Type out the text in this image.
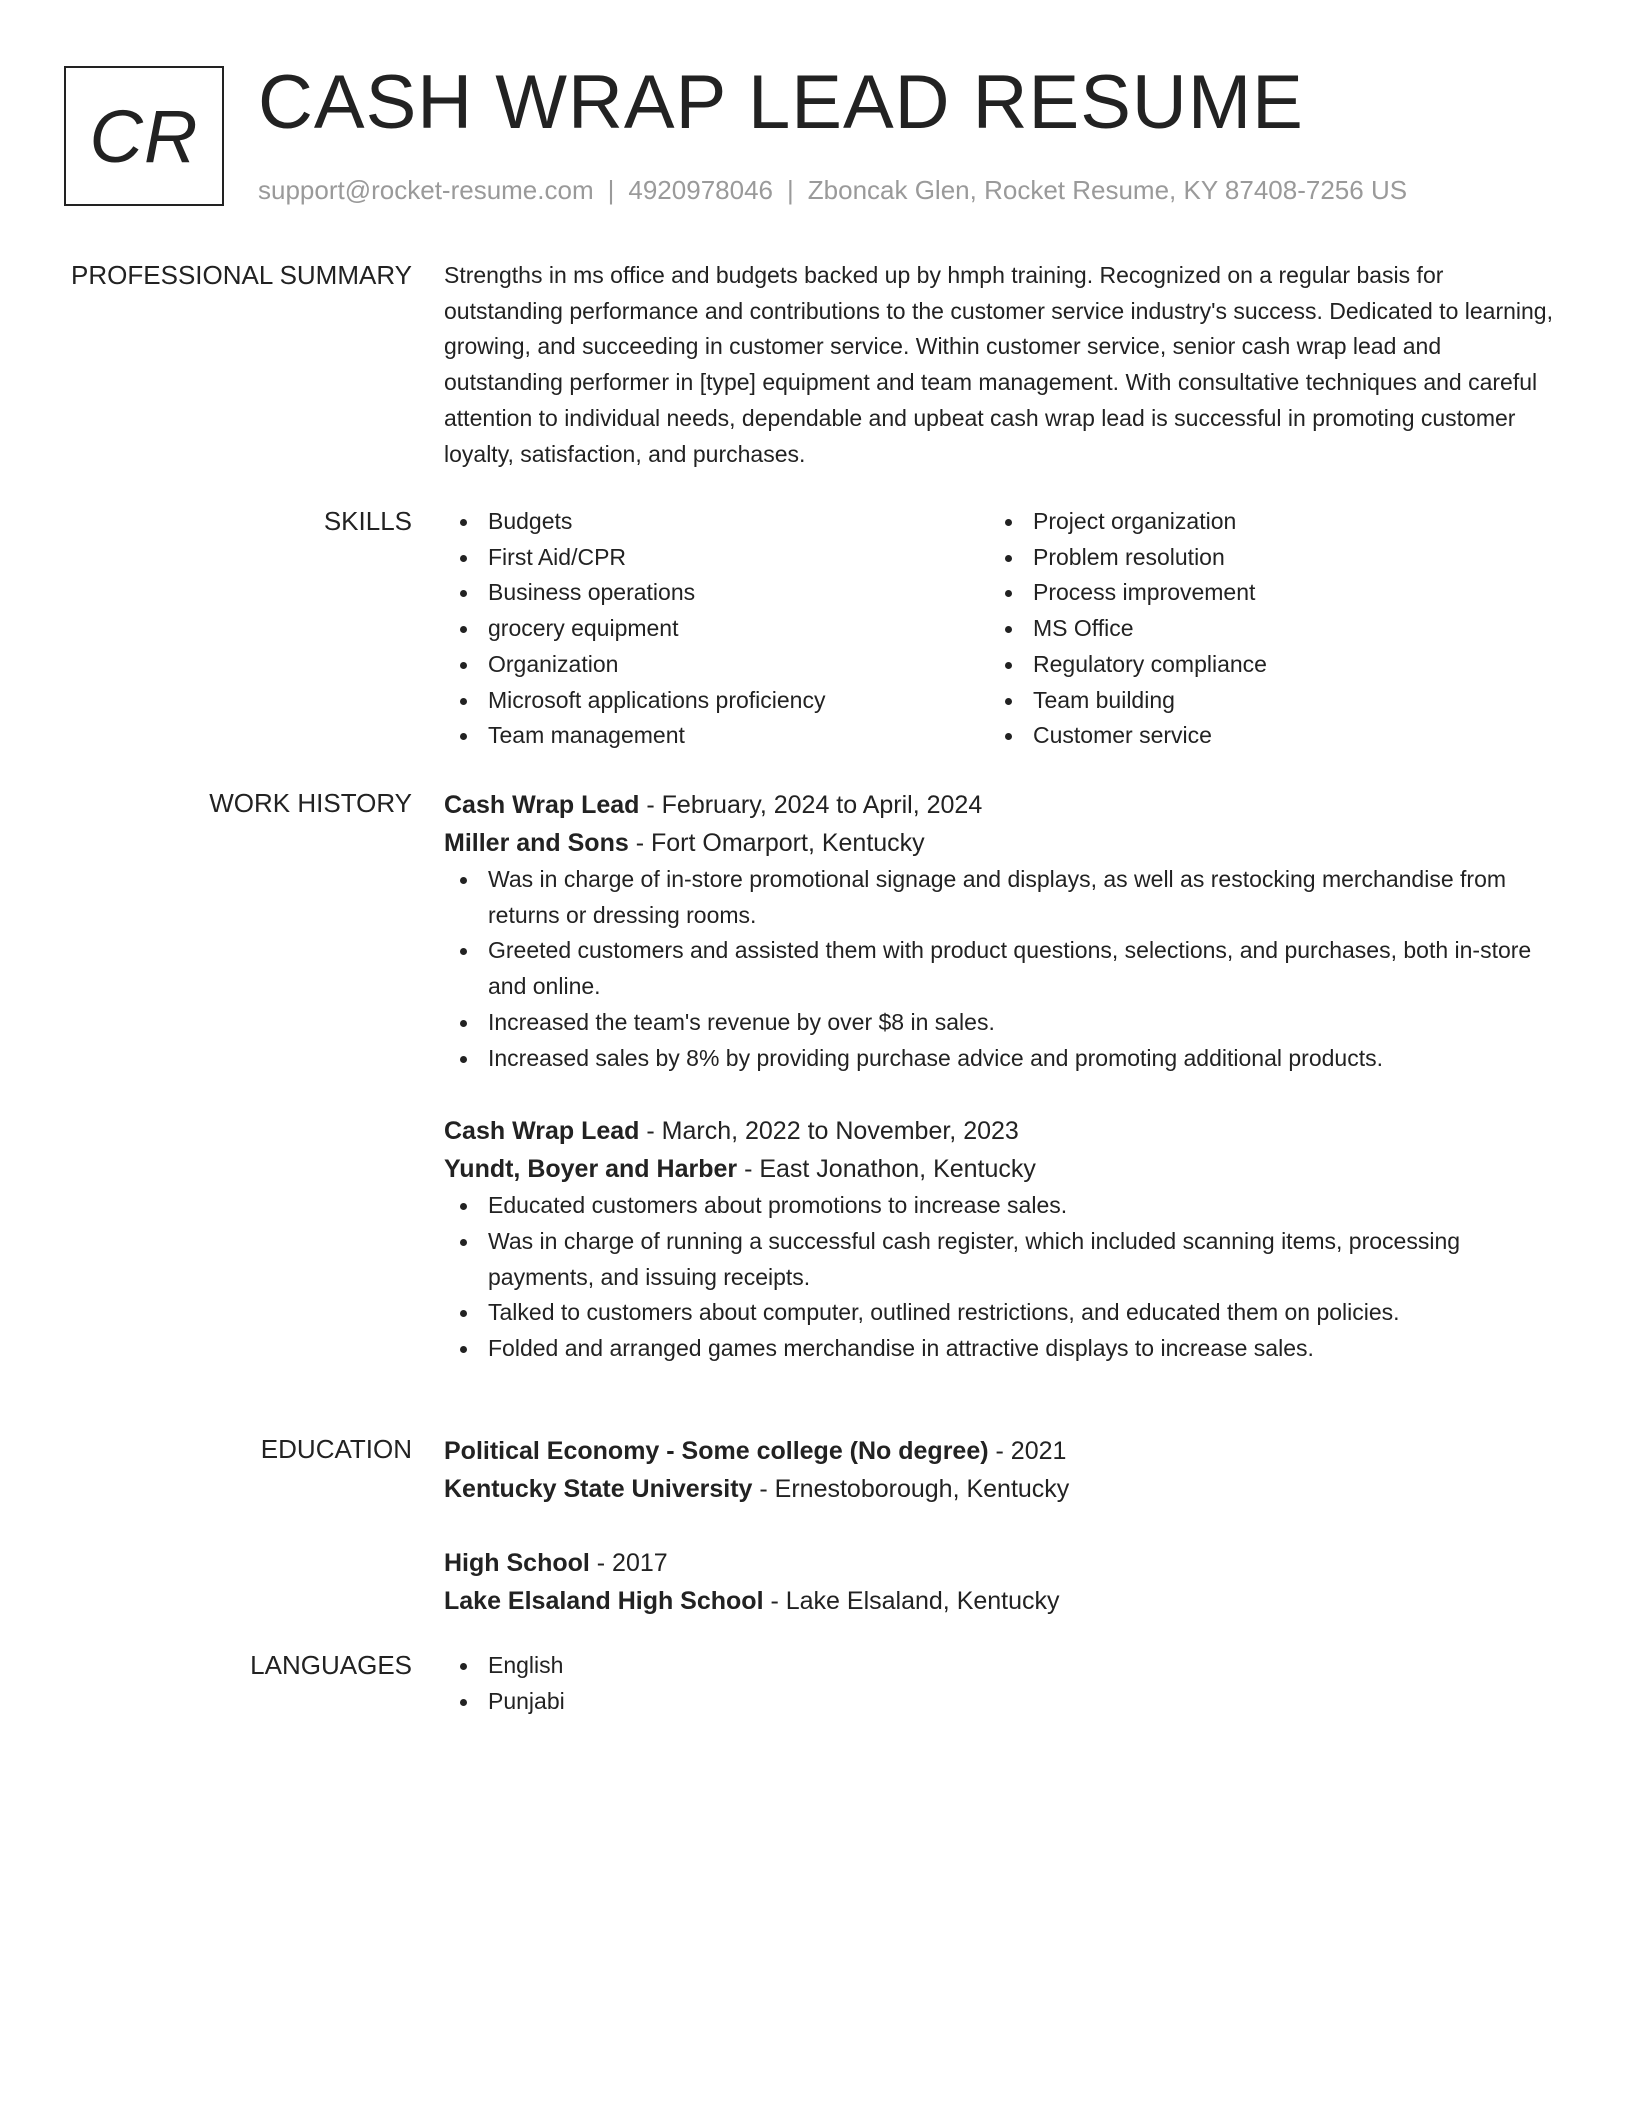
CR CASH WRAP LEAD RESUME
support@rocket-resume.com | 4920978046 | Zboncak Glen, Rocket Resume, KY 87408-7256 US
PROFESSIONAL SUMMARY Strengths in ms office and budgets backed up by hmph training. Recognized on a regular basis for outstanding performance and contributions to the customer service industry's success. Dedicated to learning, growing, and succeeding in customer service. Within customer service, senior cash wrap lead and outstanding performer in [type] equipment and team management. With consultative techniques and careful attention to individual needs, dependable and upbeat cash wrap lead is successful in promoting customer loyalty, satisfaction, and purchases.

SKILLS	Budgets
First Aid/CPR
Business operations
grocery equipment
Organization
Microsoft applications proficiency
Team management
Project organization
Problem resolution
Process improvement
MS Office
Regulatory compliance
Team building
Customer service
WORK HISTORY Cash Wrap Lead - February, 2024 to April, 2024
Miller and Sons - Fort Omarport, Kentucky
Was in charge of in-store promotional signage and displays, as well as restocking merchandise from returns or dressing rooms.
Greeted customers and assisted them with product questions, selections, and purchases, both in-store and online.
Increased the team's revenue by over $8 in sales.
Increased sales by 8% by providing purchase advice and promoting additional products.
Cash Wrap Lead - March, 2022 to November, 2023
Yundt, Boyer and Harber - East Jonathon, Kentucky
Educated customers about promotions to increase sales.
Was in charge of running a successful cash register, which included scanning items, processing payments, and issuing receipts.
Talked to customers about computer, outlined restrictions, and educated them on policies.
Folded and arranged games merchandise in attractive displays to increase sales.
EDUCATION Political Economy - Some college (No degree) - 2021
Kentucky State University - Ernestoborough, Kentucky
High School - 2017
Lake Elsaland High School - Lake Elsaland, Kentucky
LANGUAGES	English
Punjabi
